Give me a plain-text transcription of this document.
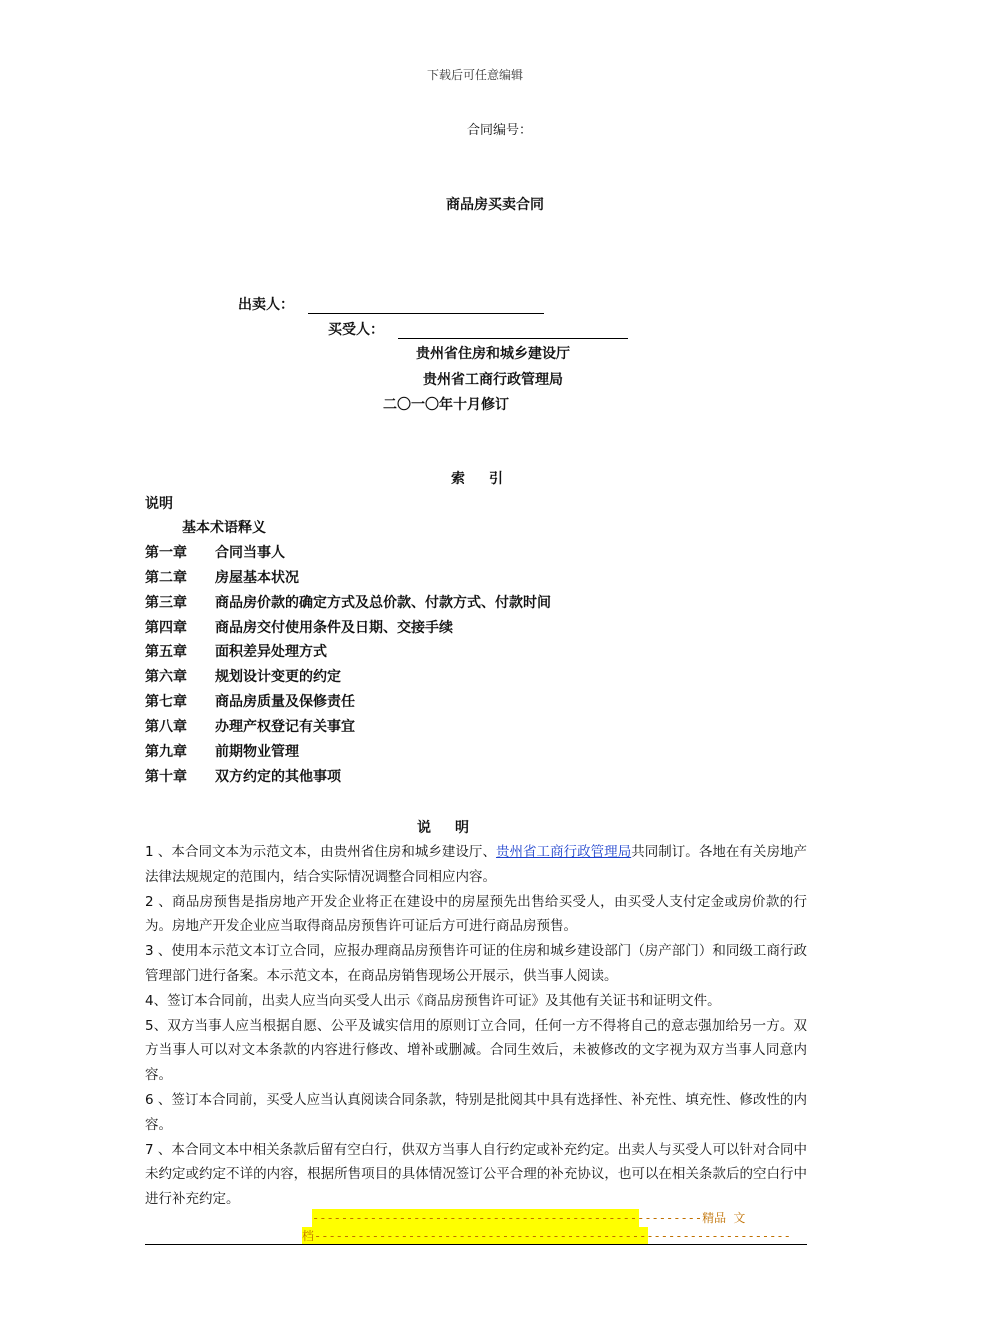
下载后可任意编辑
合同编号：
商品房买卖合同
出卖人：
买受人：
贵州省住房和城乡建设厅
贵州省工商行政管理局
二〇一〇年十月修订
索 引
说明
基本术语释义
第一章	合同当事人
第二章	房屋基本状况
第三章	商品房价款的确定方式及总价款、付款方式、付款时间
第四章	商品房交付使用条件及日期、交接手续
第五章	面积差异处理方式
第六章	规划设计变更的约定
第七章	商品房质量及保修责任
第八章	办理产权登记有关事宜
第九章	前期物业管理
第十章	双方约定的其他事项
说 明

1 、本合同文本为示范文本，由贵州省住房和城乡建设厅、贵州省工商行政管理局共同制订。各地在有关房地产法律法规规定的范围内，结合实际情况调整合同相应内容。

2 、商品房预售是指房地产开发企业将正在建设中的房屋预先出售给买受人，由买受人支付定金或房价款的行为。房地产开发企业应当取得商品房预售许可证后方可进行商品房预售。

3 、使用本示范文本订立合同，应报办理商品房预售许可证的住房和城乡建设部门（房产部门）和同级工商行政管理部门进行备案。本示范文本，在商品房销售现场公开展示，供当事人阅读。

4、签订本合同前，出卖人应当向买受人出示《商品房预售许可证》及其他有关证书和证明文件。

5、双方当事人应当根据自愿、公平及诚实信用的原则订立合同，任何一方不得将自己的意志强加给另一方。双方当事人可以对文本条款的内容进行修改、增补或删减。合同生效后，未被修改的文字视为双方当事人同意内容。

6 、签订本合同前，买受人应当认真阅读合同条款，特别是批阅其中具有选择性、补充性、填充性、修改性的内容。

7 、本合同文本中相关条款后留有空白行，供双方当事人自行约定或补充约定。出卖人与买受人可以针对合同中未约定或约定不详的内容，根据所售项目的具体情况签订公平合理的补充协议，也可以在相关条款后的空白行中进行补充约定。

------------------------------------------------------精品 文
档------------------------------------------------------------------
